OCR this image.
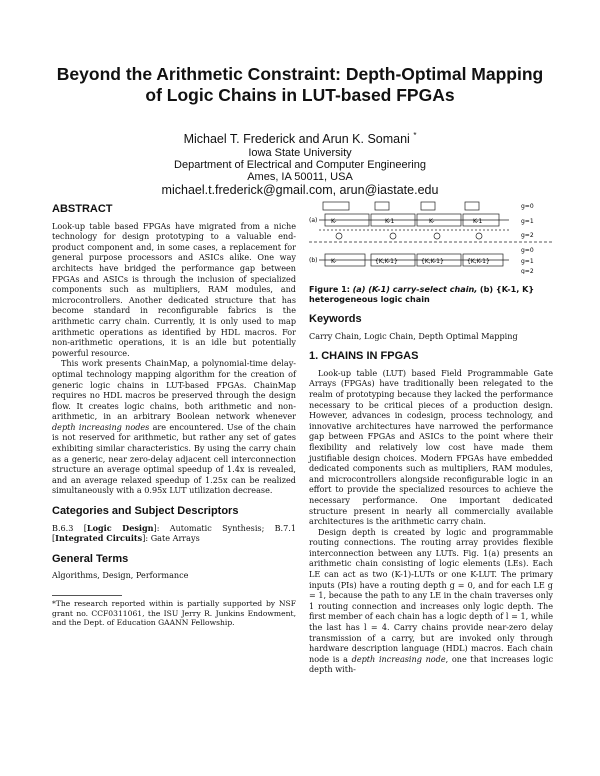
Beyond the Arithmetic Constraint: Depth-Optimal Mapping
of Logic Chains in LUT-based FPGAs
Michael T. Frederick and Arun K. Somani *
Iowa State University
Department of Electrical and Computer Engineering
Ames, IA 50011, USA
michael.t.frederick@gmail.com, arun@iastate.edu
ABSTRACT

Look-up table based FPGAs have migrated from a niche technology for design prototyping to a valuable end-product component and, in some cases, a replacement for general purpose processors and ASICs alike. One way architects have bridged the performance gap between FPGAs and ASICs is through the inclusion of specialized components such as multipliers, RAM modules, and microcontrollers. Another dedicated structure that has become standard in reconfigurable fabrics is the arithmetic carry chain. Currently, it is only used to map arithmetic operations as identified by HDL macros. For non-arithmetic operations, it is an idle but potentially powerful resource.

This work presents ChainMap, a polynomial-time delay-optimal technology mapping algorithm for the creation of generic logic chains in LUT-based FPGAs. ChainMap requires no HDL macros be preserved through the design flow. It creates logic chains, both arithmetic and non-arithmetic, in an arbitrary Boolean network whenever depth increasing nodes are encountered. Use of the chain is not reserved for arithmetic, but rather any set of gates exhibiting similar characteristics. By using the carry chain as a generic, near zero-delay adjacent cell interconnection structure an average optimal speedup of 1.4x is revealed, and an average relaxed speedup of 1.25x can be realized simultaneously with a 0.95x LUT utilization decrease.

Categories and Subject Descriptors

B.6.3 [Logic Design]: Automatic Synthesis; B.7.1 [Integrated Circuits]: Gate Arrays

General Terms

Algorithms, Design, Performance

*The research reported within is partially supported by NSF grant no. CCF0311061, the ISU Jerry R. Junkins Endowment, and the Dept. of Education GAANN Fellowship.

(a) K-	K-1	K-	K-1
g=0
g=1
g=2
(b) K-	{K,K-1}	{K,K-1}	{K,K-1}
g=0
g=1
g=2
Figure 1: (a) (K-1) carry-select chain, (b) {K-1, K} heterogeneous logic chain
Keywords

Carry Chain, Logic Chain, Depth Optimal Mapping

1. CHAINS IN FPGAS

Look-up table (LUT) based Field Programmable Gate Arrays (FPGAs) have traditionally been relegated to the realm of prototyping because they lacked the performance necessary to be critical pieces of a production design. However, advances in codesign, process technology, and innovative architectures have narrowed the performance gap between FPGAs and ASICs to the point where their flexibility and relatively low cost have made them justifiable design choices. Modern FPGAs have embedded dedicated components such as multipliers, RAM modules, and microcontrollers alongside reconfigurable logic in an effort to provide the specialized resources to achieve the necessary performance. One important dedicated structure present in nearly all commercially available architectures is the arithmetic carry chain.

Design depth is created by logic and programmable routing connections. The routing array provides flexible interconnection between any LUTs. Fig. 1(a) presents an arithmetic chain consisting of logic elements (LEs). Each LE can act as two (K-1)-LUTs or one K-LUT. The primary inputs (PIs) have a routing depth g = 0, and for each LE g = 1, because the path to any LE in the chain traverses only 1 routing connection and increases only logic depth. The first member of each chain has a logic depth of l = 1, while the last has l = 4. Carry chains provide near-zero delay transmission of a carry, but are invoked only through hardware description language (HDL) macros. Each chain node is a depth increasing node, one that increases logic depth with-
